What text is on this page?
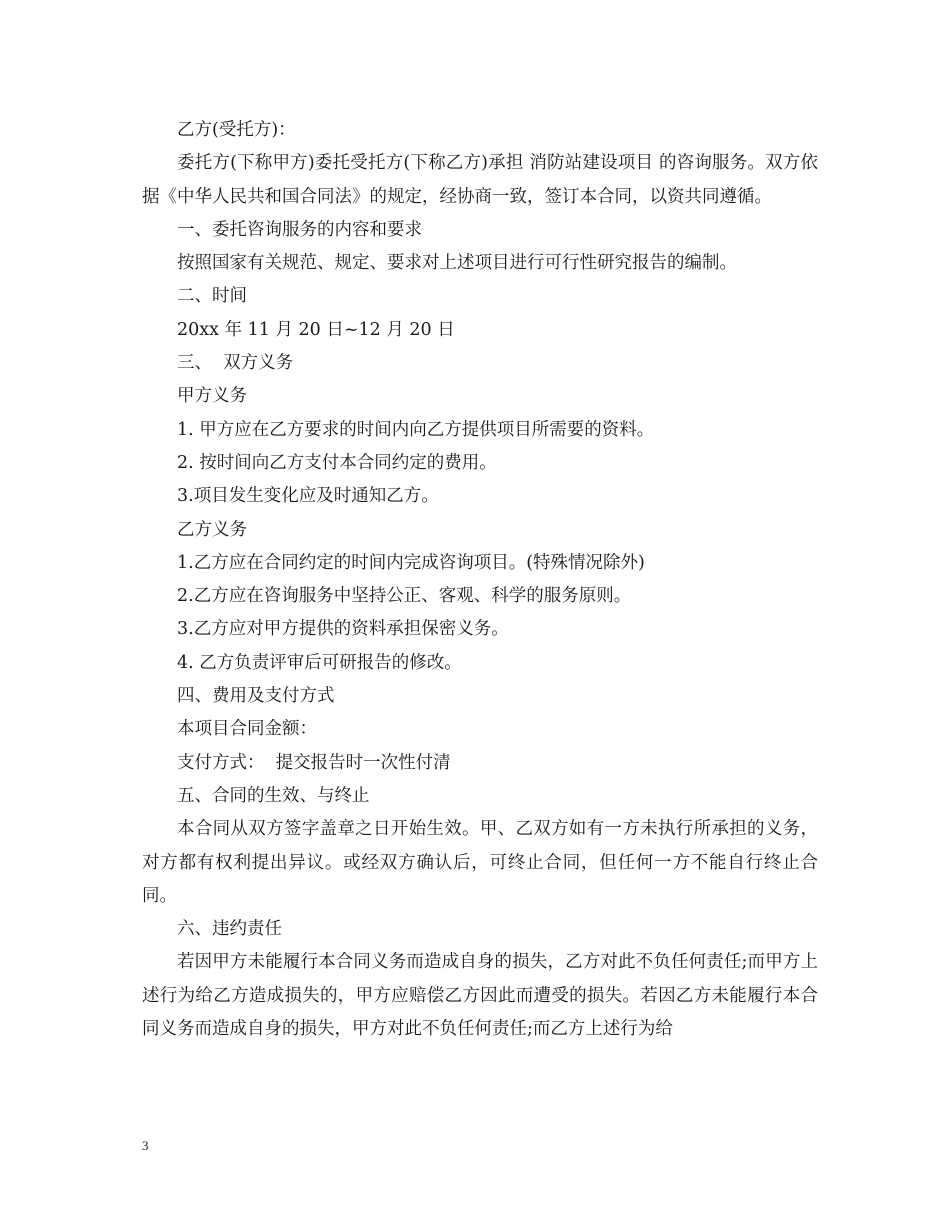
乙方(受托方)：

委托方(下称甲方)委托受托方(下称乙方)承担 消防站建设项目 的咨询服务。双方依据《中华人民共和国合同法》的规定，经协商一致，签订本合同，以资共同遵循。

一、委托咨询服务的内容和要求

按照国家有关规范、规定、要求对上述项目进行可行性研究报告的编制。

二、时间

20xx 年 11 月 20 日~12 月 20 日

三、  双方义务

甲方义务

1. 甲方应在乙方要求的时间内向乙方提供项目所需要的资料。

2. 按时间向乙方支付本合同约定的费用。

3.项目发生变化应及时通知乙方。

乙方义务

1.乙方应在合同约定的时间内完成咨询项目。(特殊情况除外)

2.乙方应在咨询服务中坚持公正、客观、科学的服务原则。

3.乙方应对甲方提供的资料承担保密义务。

4. 乙方负责评审后可研报告的修改。

四、费用及支付方式

本项目合同金额：

支付方式：  提交报告时一次性付清

五、合同的生效、与终止

本合同从双方签字盖章之日开始生效。甲、乙双方如有一方未执行所承担的义务，对方都有权利提出异议。或经双方确认后，可终止合同，但任何一方不能自行终止合同。

六、违约责任

若因甲方未能履行本合同义务而造成自身的损失，乙方对此不负任何责任;而甲方上述行为给乙方造成损失的，甲方应赔偿乙方因此而遭受的损失。若因乙方未能履行本合同义务而造成自身的损失，甲方对此不负任何责任;而乙方上述行为给

3
